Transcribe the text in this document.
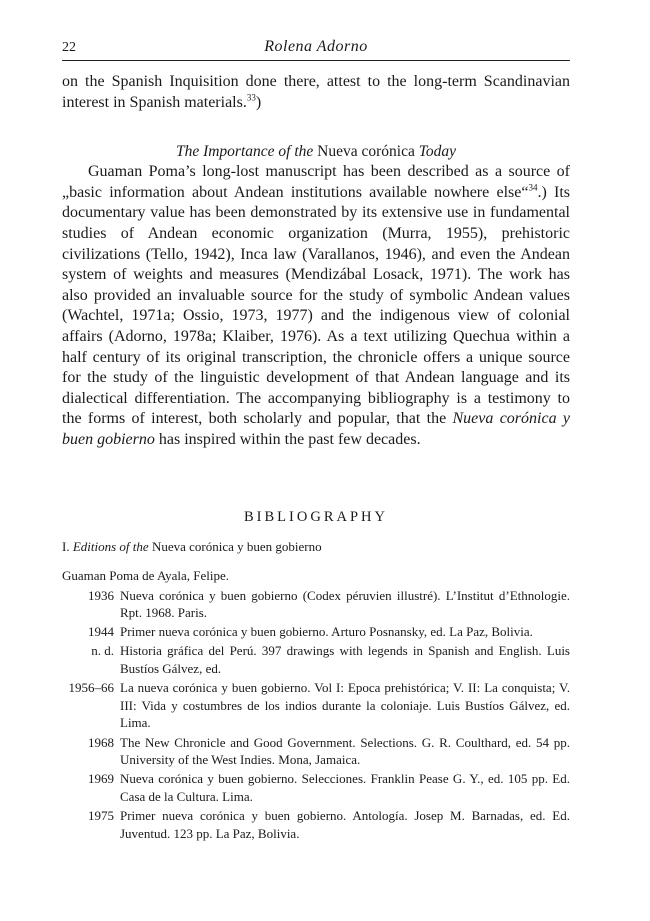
22	Rolena Adorno

on the Spanish Inquisition done there, attest to the long-term Scandinavian interest in Spanish materials.$^{33}$)

The Importance of the Nueva corónica Today

Guaman Poma’s long-lost manuscript has been described as a source of „basic information about Andean institutions available nowhere else“$^{34}$.) Its documentary value has been demonstrated by its extensive use in fundamental studies of Andean economic organization (Murra, 1955), prehistoric civilizations (Tello, 1942), Inca law (Varallanos, 1946), and even the Andean system of weights and measures (Mendizábal Losack, 1971). The work has also provided an invaluable source for the study of symbolic Andean values (Wachtel, 1971a; Ossio, 1973, 1977) and the indigenous view of colonial affairs (Adorno, 1978a; Klaiber, 1976). As a text utilizing Quechua within a half century of its original transcription, the chronicle offers a unique source for the study of the linguistic development of that Andean language and its dialectical differentiation. The accompanying bibliography is a testimony to the forms of interest, both scholarly and popular, that the Nueva corónica y buen gobierno has inspired within the past few decades.

BIBLIOGRAPHY
I. Editions of the Nueva corónica y buen gobierno
Guaman Poma de Ayala, Felipe.
1936 Nueva corónica y buen gobierno (Codex péruvien illustré). L’Institut d’Ethnologie. Rpt. 1968. Paris.
1944 Primer nueva corónica y buen gobierno. Arturo Posnansky, ed. La Paz, Bolivia.
n. d. Historia gráfica del Perú. 397 drawings with legends in Spanish and English. Luis Bustíos Gálvez, ed.
1956–66 La nueva corónica y buen gobierno. Vol I: Epoca prehistórica; V. II: La conquista; V. III: Vida y costumbres de los indios durante la coloniaje. Luis Bustíos Gálvez, ed. Lima.
1968 The New Chronicle and Good Government. Selections. G. R. Coulthard, ed. 54 pp. University of the West Indies. Mona, Jamaica.
1969 Nueva corónica y buen gobierno. Selecciones. Franklin Pease G. Y., ed. 105 pp. Ed. Casa de la Cultura. Lima.
1975 Primer nueva corónica y buen gobierno. Antología. Josep M. Barnadas, ed. Ed. Juventud. 123 pp. La Paz, Bolivia.
